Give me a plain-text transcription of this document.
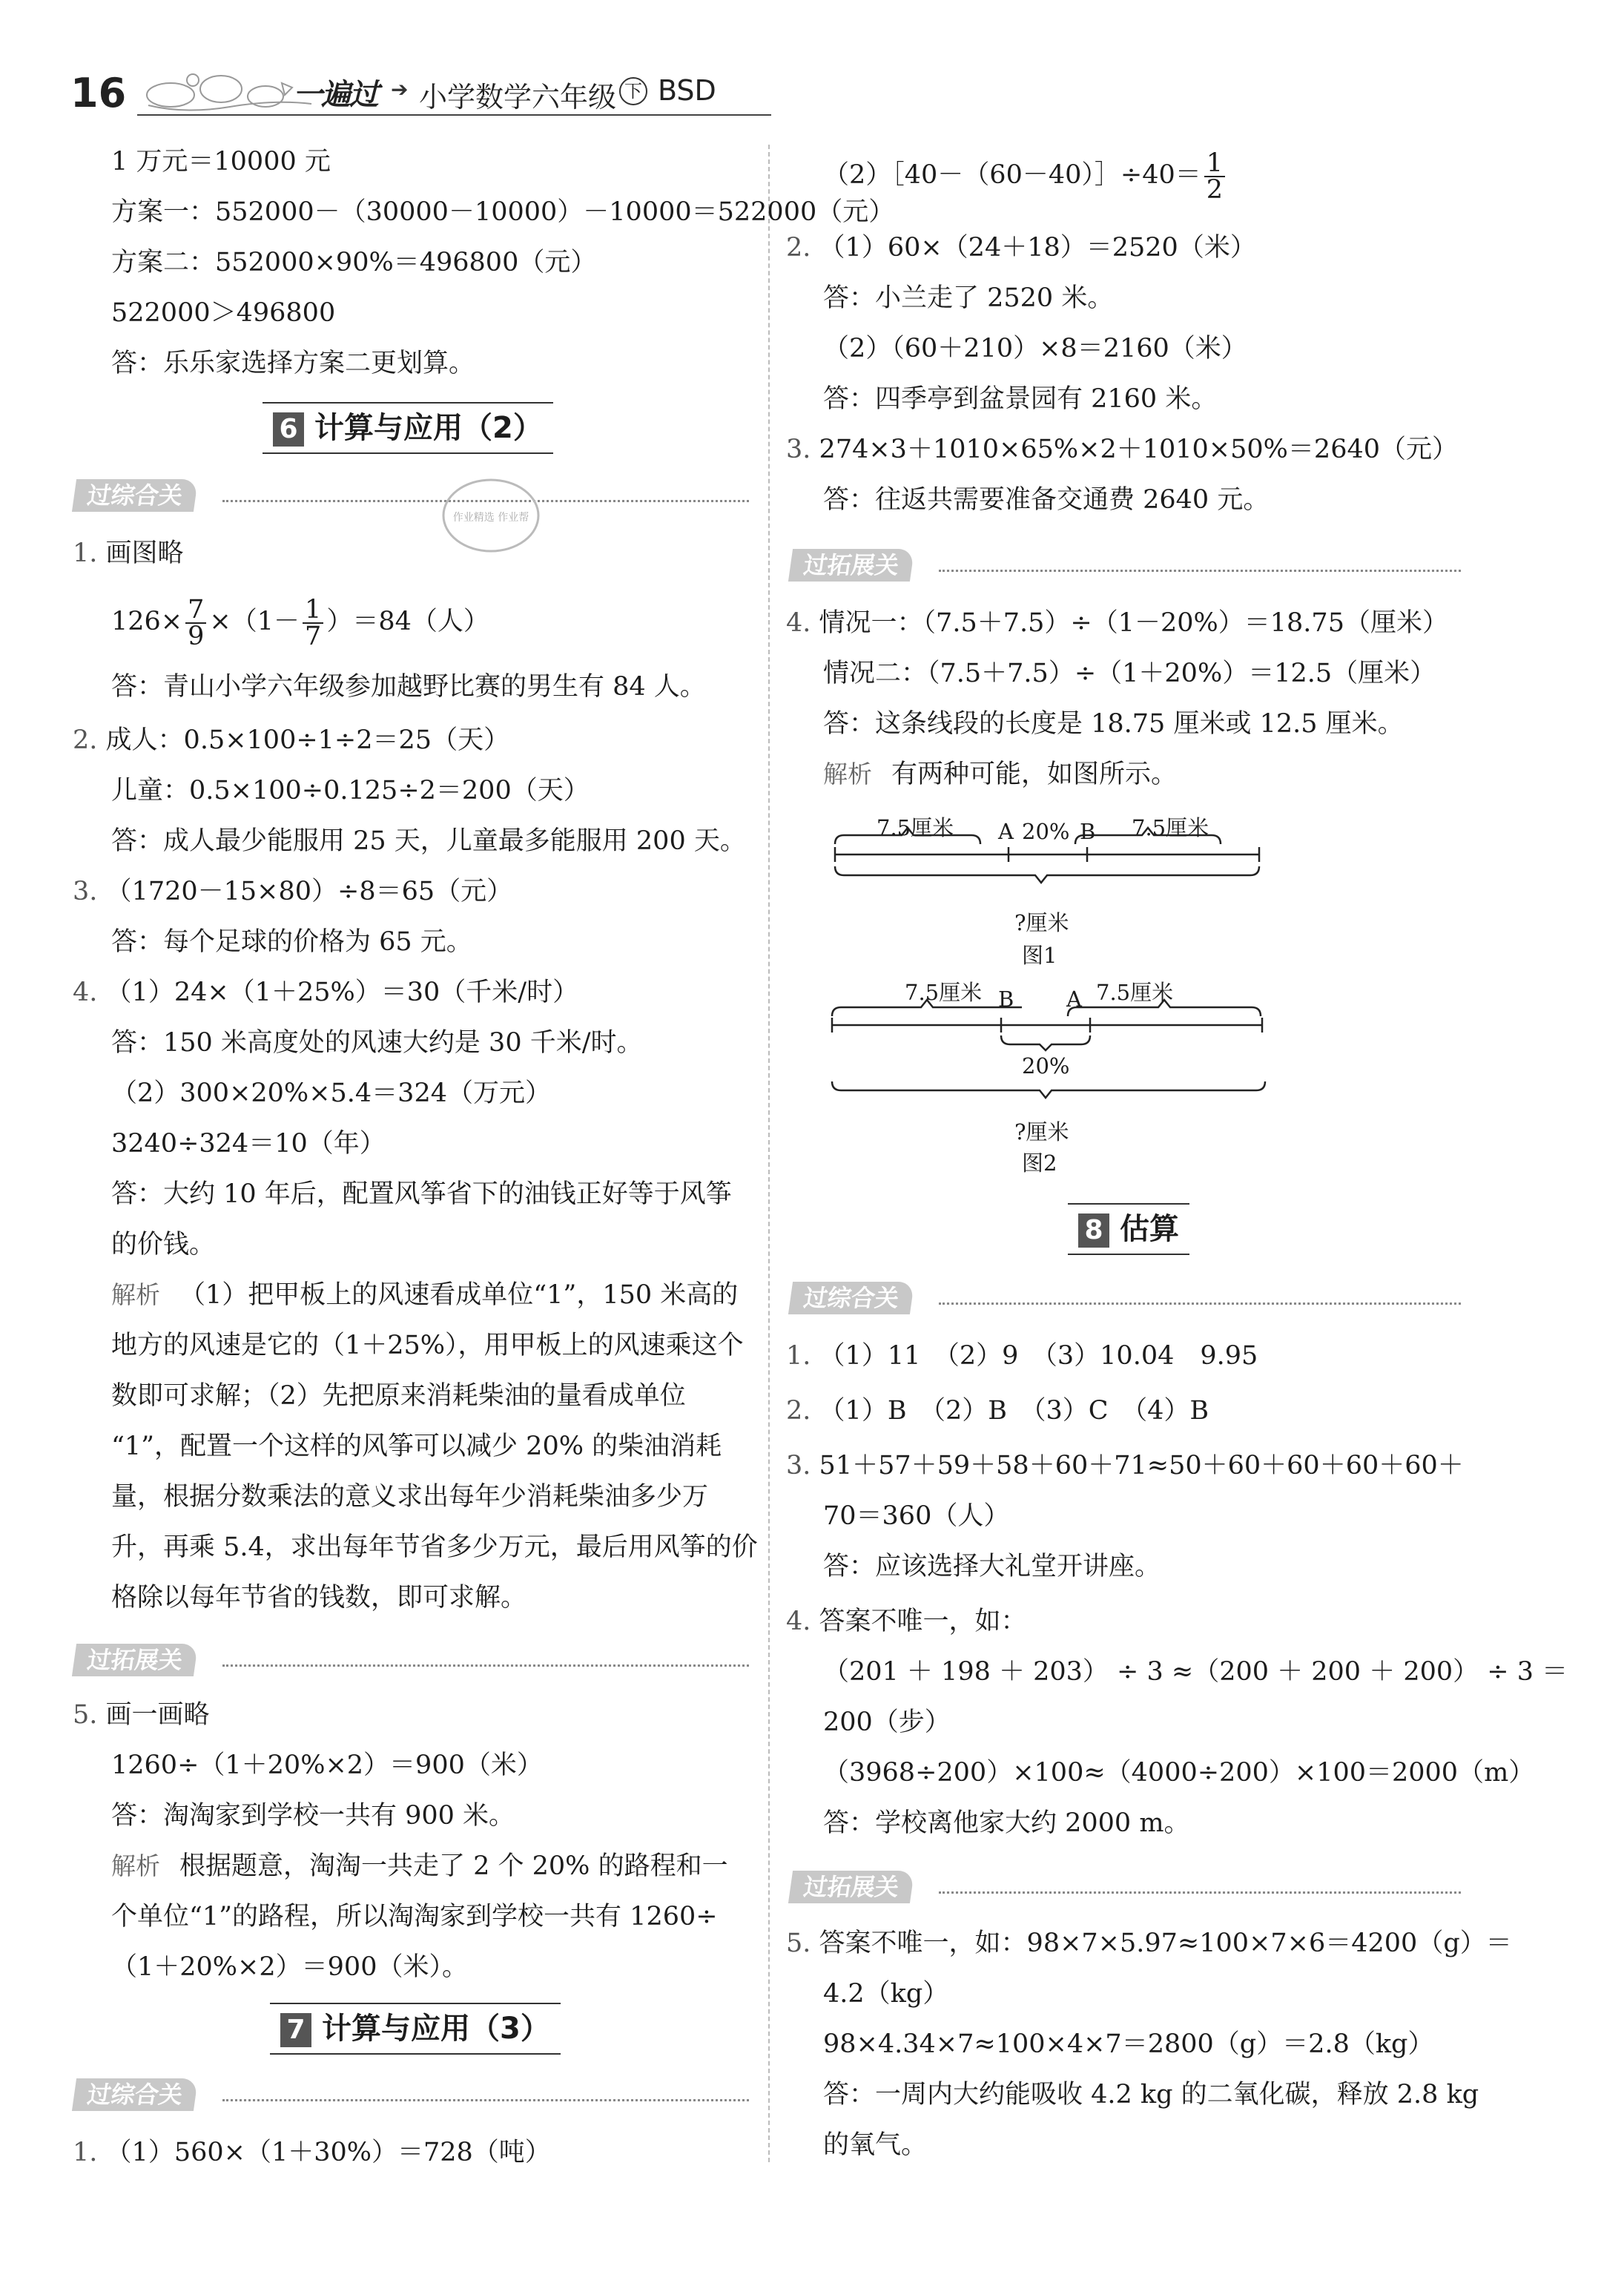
16	一遍过 ➔ 小学数学六年级 下 BSD
1 万元＝10000 元
方案一：552000－（30000－10000）－10000＝522000（元）
方案二：552000×90%＝496800（元）
522000＞496800
答：乐乐家选择方案二更划算。
6 计算与应用（2）
过综合关
作业精选 作业帮
1. 画图略
$126\times \frac{7}{9} \times(1- \frac{1}{7} )=84$（人）
答：青山小学六年级参加越野比赛的男生有 84 人。
2. 成人：0.5×100÷1÷2＝25（天）
儿童：0.5×100÷0.125÷2＝200（天）
答：成人最少能服用 25 天，儿童最多能服用 200 天。
3. （1720－15×80）÷8＝65（元）
答：每个足球的价格为 65 元。
4. （1）24×（1＋25%）＝30（千米/时）
答：150 米高度处的风速大约是 30 千米/时。
（2）300×20%×5.4＝324（万元）
3240÷324＝10（年）
答：大约 10 年后，配置风筝省下的油钱正好等于风筝
的价钱。
解析 （1）把甲板上的风速看成单位“1”，150 米高的
地方的风速是它的（1＋25%），用甲板上的风速乘这个
数即可求解；（2）先把原来消耗柴油的量看成单位
“1”，配置一个这样的风筝可以减少 20% 的柴油消耗
量，根据分数乘法的意义求出每年少消耗柴油多少万
升，再乘 5.4，求出每年节省多少万元，最后用风筝的价
格除以每年节省的钱数，即可求解。
过拓展关
5. 画一画略
1260÷（1＋20%×2）＝900（米）
答：淘淘家到学校一共有 900 米。
解析 根据题意，淘淘一共走了 2 个 20% 的路程和一
个单位“1”的路程，所以淘淘家到学校一共有 1260÷
（1＋20%×2）＝900（米）。
7 计算与应用（3）
过综合关
1. （1）560×（1＋30%）＝728（吨）
（2）［40－（60－40）］÷40＝ $\frac{1}{2}$
2. （1）60×（24＋18）＝2520（米）
答：小兰走了 2520 米。
（2）（60＋210）×8＝2160（米）
答：四季亭到盆景园有 2160 米。
3. 274×3＋1010×65%×2＋1010×50%＝2640（元）
答：往返共需要准备交通费 2640 元。
过拓展关
4. 情况一：（7.5＋7.5）÷（1－20%）＝18.75（厘米）
情况二：（7.5＋7.5）÷（1＋20%）＝12.5（厘米）
答：这条线段的长度是 18.75 厘米或 12.5 厘米。
解析 有两种可能，如图所示。
7.5厘米 A 20% B 7.5厘米
?厘米
图1
7.5厘米 B A 7.5厘米
20%
?厘米
图2
8 估算
过综合关
1. （1）11　（2）9　（3）10.04　9.95
2. （1）B　（2）B　（3）C　（4）B
3. 51＋57＋59＋58＋60＋71≈50＋60＋60＋60＋60＋
70＝360（人）
答：应该选择大礼堂开讲座。
4. 答案不唯一，如：
（201 ＋ 198 ＋ 203） ÷ 3 ≈（200 ＋ 200 ＋ 200） ÷ 3 ＝
200（步）
（3968÷200）×100≈（4000÷200）×100＝2000（m）
答：学校离他家大约 2000 m。
过拓展关
5. 答案不唯一，如：98×7×5.97≈100×7×6＝4200（g）＝
4.2（kg）
98×4.34×7≈100×4×7＝2800（g）＝2.8（kg）
答：一周内大约能吸收 4.2 kg 的二氧化碳，释放 2.8 kg
的氧气。
